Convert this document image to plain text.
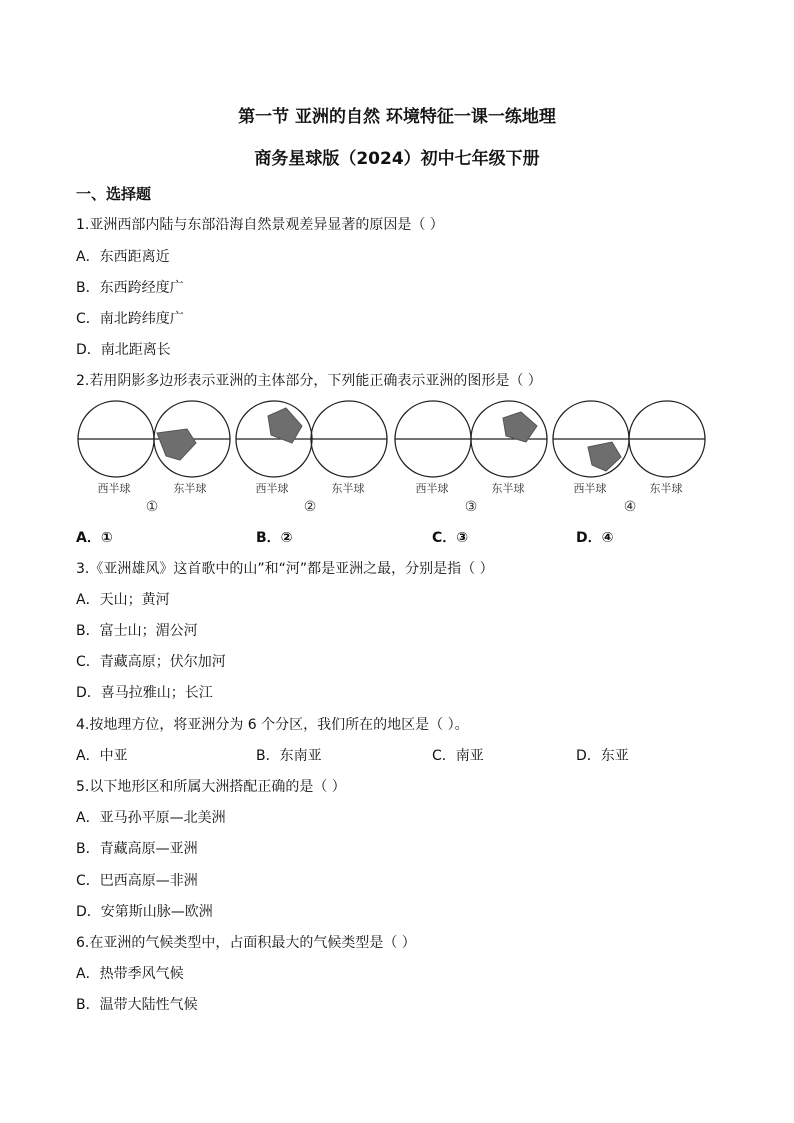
第一节 亚洲的自然 环境特征一课一练地理
商务星球版（2024）初中七年级下册
一、选择题
1.亚洲西部内陆与东部沿海自然景观差异显著的原因是（ ）
A．东西距离近
B．东西跨经度广
C．南北跨纬度广
D．南北距离长
2.若用阴影多边形表示亚洲的主体部分，下列能正确表示亚洲的图形是（ ）
西半球	东半球
①
西半球	东半球
②
西半球	东半球
③
西半球	东半球
④
A．①	B．②	C．③	D．④
3.《亚洲雄风》这首歌中的山”和“河”都是亚洲之最，分别是指（ ）
A．天山；黄河
B．富士山；湄公河
C．青藏高原；伏尔加河
D．喜马拉雅山；长江
4.按地理方位，将亚洲分为 6 个分区，我们所在的地区是（ ）。
A．中亚	B．东南亚	C．南亚	D．东亚
5.以下地形区和所属大洲搭配正确的是（ ）
A．亚马孙平原—北美洲
B．青藏高原—亚洲
C．巴西高原—非洲
D．安第斯山脉—欧洲
6.在亚洲的气候类型中，占面积最大的气候类型是（ ）
A．热带季风气候
B．温带大陆性气候
